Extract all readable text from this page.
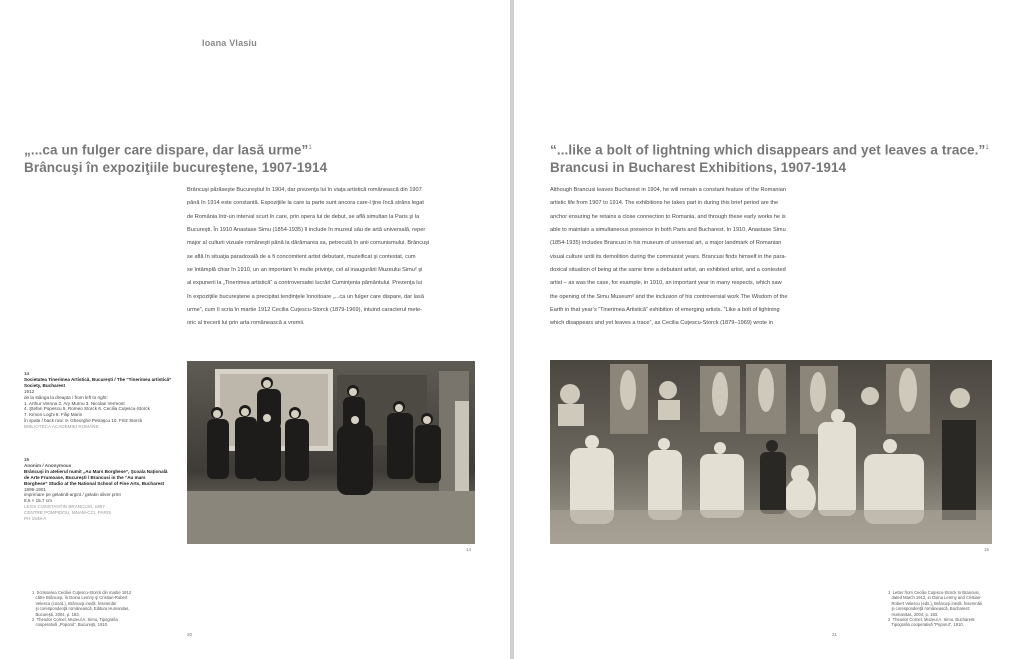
Ioana Vlasiu
„...ca un fulger care dispare, dar lasă urme”$^1$
Brâncuşi în expoziţiile bucureştene, 1907-1914
Brâncuşi părăseşte Bucureştiul în 1904, dar prezenţa lui în viaţa artistică românească din 1907
până în 1914 este constantă. Expoziţiile la care ia parte sunt ancora care-l ţine încă strâns legat
de România într-un interval scurt în care, prin opera lui de debut, se află simultan la Paris şi la
Bucureşti. În 1910 Anastase Simu (1854-1935) îl include în muzeul său de artă universală, reper
major al culturii vizuale româneşti până la dărâmarea sa, petrecută în anii comunismului. Brâncuşi
se află în situaţia paradoxală de a fi concomitent artist debutant, muzeificat şi contestat, cum
se întâmplă chiar în 1910, un an important în multe privinţe, cel al inaugurării Muzeului Simu² şi
al expunerii la „Tinerimea artistică” a controversatei lucrări Cuminţenia pământului. Prezenţa lui
în expoziţiile bucureştene a precipitat tendinţele înnoitoare „...ca un fulger care dispare, dar lasă
urme”, cum îi scria în martie 1912 Cecilia Cuţescu-Storck (1879-1969), intuind caracterul mete-
oric al trecerii lui prin arta românească a vremii.
14
Societatea Tinerimea Artistică, Bucureşti / The “Tinerimea artistică” Society, Bucharest
1912
de la stânga la dreapta / from left to right:
1. Arthur Verona 2. Ary Murnu 3. Nicolae Vermont
4. Ştefan Popescu 5. Romeo Storck 6. Cecilia Cuţescu-Storck
7. Kimon Loghi 8. Filip Marin
în spate / back row: 9. Gheorghe Petraşcu 10. Fritz Storck
BIBLIOTECA ACADEMIEI ROMÂNE
15
Anonim / Anonymous
Brâncuşi în atelierul numit „Au Mars Borghese”, Şcoala Naţională de Arte Frumoase, Bucureşti / Brancusi in the “Au mars Borghese” Studio at the National School of Fine Arts, Bucharest
1899-1901
imprimare pe gelatină-argint / gelatin silver print
8,6 × 15,7 cm
LEGS CONSTANTIN BRANCUSI, 1957
CENTRE POMPIDOU, MNAM-CCI, PARIS
PH 1548-A
14
1  Scrisoarea Ceciliei Cuţescu-Storck din martie 1912
către Brâncuşi, în Doina Lemny şi Cristian-Robert
Velescu (coord.), Brâncuşi inedit. Însemnări
şi corespondenţă românească, Editura Humanitas,
Bucureşti, 2004, p. 183.
2  Theodor Cornel, Muzeul A. Simu, Tipografia
cooperativă „Poporul”, Bucureşti, 1910.
20
“...like a bolt of lightning which disappears and yet leaves a trace.”$^1$
Brancusi in Bucharest Exhibitions, 1907-1914
Although Brancusi leaves Bucharest in 1904, he will remain a constant feature of the Romanian
artistic life from 1907 to 1914. The exhibitions he takes part in during this brief period are the
anchor ensuring he retains a close connection to Romania, and through these early works he is
able to maintain a simultaneous presence in both Paris and Bucharest. In 1910, Anastase Simu
(1854-1935) includes Brancusi in his museum of universal art, a major landmark of Romanian
visual culture until its demolition during the communist years. Brancusi finds himself in the para-
doxical situation of being at the same time a debutant artist, an exhibited artist, and a contested
artist – as was the case, for example, in 1910, an important year in many respects, which saw
the opening of the Simu Museum² and the inclusion of his controversial work The Wisdom of the
Earth in that year’s “Tinerimea Artistică” exhibition of emerging artists. “Like a bolt of lightning
which disappears and yet leaves a trace”, as Cecilia Cuţescu-Storck (1879–1969) wrote in
15
1  Letter from Cecilia Cuţescu-Storck to Brancusi,
dated March 1912, in Doina Lemny and Cristian-
Robert Velescu (eds.), Brâncuşi inedit. Însemnări
şi corespondenţă românească, Bucharest:
Humanitas, 2004, p. 183.
2  Theodor Cornel, Muzeul A. Simu, Bucharest:
Tipografia cooperativă “Poporul”, 1910.
21
